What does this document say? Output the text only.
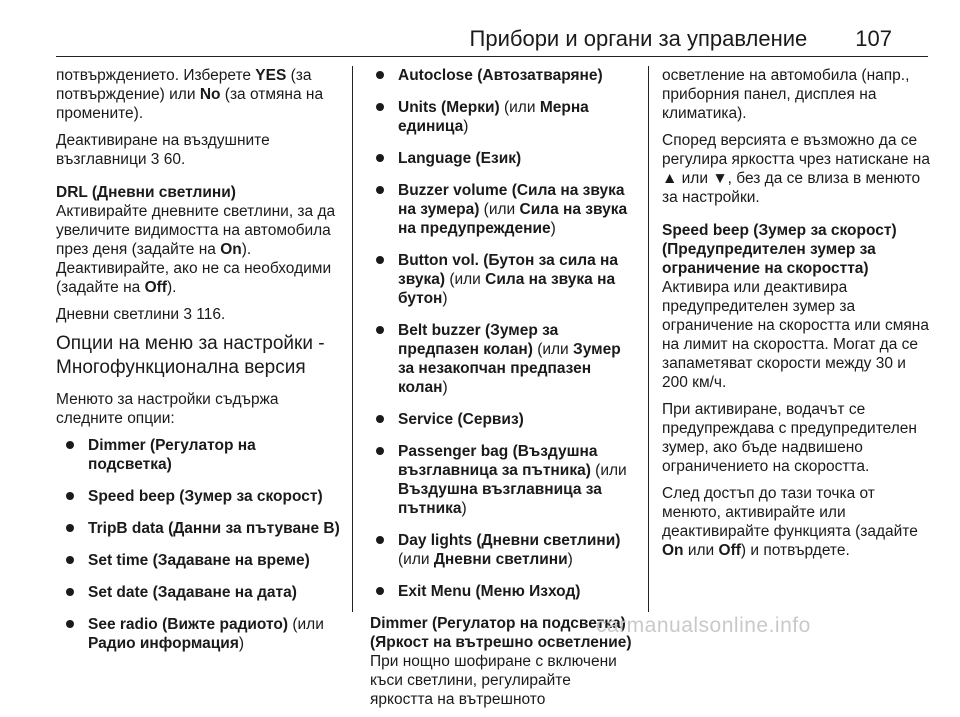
Прибори и органи за управление 107

потвърждението. Изберете YES (за потвърждение) или No (за отмяна на промените).

Деактивиране на въздушните възглавници 3 60.

DRL (Дневни светлини)

Активирайте дневните светлини, за да увеличите видимостта на автомобила през деня (задайте на On). Деактивирайте, ако не са необходими (задайте на Off).

Дневни светлини 3 116.

Опции на меню за настройки -
Многофункционална версия

Менюто за настройки съдържа следните опции:

Dimmer (Регулатор на подсветка)
Speed beep (Зумер за скорост)
TripB data (Данни за пътуване B)
Set time (Задаване на време)
Set date (Задаване на дата)
See radio (Вижте радиото) (или Радио информация)
Autoclose (Автозатваряне)
Units (Мерки) (или Мерна единица)
Language (Език)
Buzzer volume (Сила на звука на зумера) (или Сила на звука на предупреждение)
Button vol. (Бутон за сила на звука) (или Сила на звука на бутон)
Belt buzzer (Зумер за предпазен колан) (или Зумер за незакопчан предпазен колан)
Service (Сервиз)
Passenger bag (Въздушна възглавница за пътника) (или Въздушна възглавница за пътника)
Day lights (Дневни светлини) (или Дневни светлини)
Exit Menu (Меню Изход)

Dimmer (Регулатор на подсветка) (Яркост на вътрешно осветление)

При нощно шофиране с включени къси светлини, регулирайте яркостта на вътрешното

осветление на автомобила (напр., приборния панел, дисплея на климатика).

Според версията е възможно да се регулира яркостта чрез натискане на ▲ или ▼, без да се влиза в менюто за настройки.

Speed beep (Зумер за скорост) (Предупредителен зумер за ограничение на скоростта)

Активира или деактивира предупредителен зумер за ограничение на скоростта или смяна на лимит на скоростта. Могат да се запаметяват скорости между 30 и 200 км/ч.

При активиране, водачът се предупреждава с предупредителен зумер, ако бъде надвишено ограничението на скоростта.

След достъп до тази точка от менюто, активирайте или деактивирайте функцията (задайте On или Off) и потвърдете.

carmanualsonline.info
